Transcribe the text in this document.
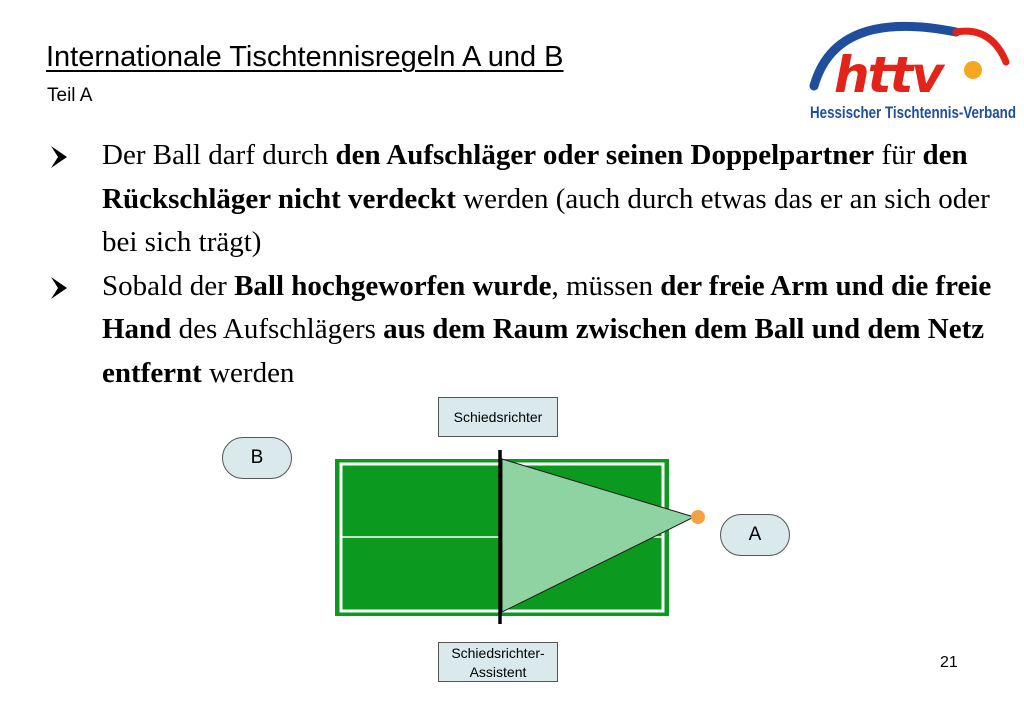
Internationale Tischtennisregeln A und B
Teil A	httv
Hessischer Tischtennis-Verband
Der Ball darf durch den Aufschläger oder seinen Doppelpartner für den Rückschläger nicht verdeckt werden (auch durch etwas das er an sich oder bei sich trägt)
Sobald der Ball hochgeworfen wurde, müssen der freie Arm und die freie Hand des Aufschlägers aus dem Raum zwischen dem Ball und dem Netz entfernt werden
Schiedsrichter
Schiedsrichter-
Assistent
B
A
21
